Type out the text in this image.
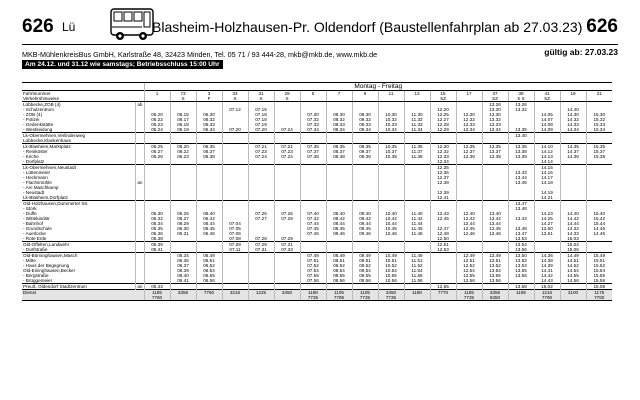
626 Lü	Blasheim-Holzhausen-Pr. Oldendorf (Baustellenfahrplan ab 27.03.23) 626
MKB-MühlenkreisBus GmbH, Karlstraße 48, 32423 Minden, Tel. 05 71 / 93 444-28, mkb@mkb.de, www.mkb.de	gültig ab: 27.03.23
Am 24.12. und 31.12 wie samstags; Betriebsschluss 15:00 Uhr
		Montag - Freitag																	
Fahrtnummer		1	73	3	33	31	29	5	7	9	11	13	15	17	37	39	41	19	21
Verkehrshinweise			S	F	S	S	S						SZ		SZ	S S	SZ		
Lübbecke,ZOB (4)	ab														13.26	13.26			
- Schulzentrum					07.12	07.15							12.20		13.30	13.32		14.40	
- ZOB (4)		05.20	06.15	06.30		07.18		07.30	08.30	09.30	10.30	11.30	12.25	12.30	13.30		14.05	14.30	15.30
- Polizei		05.22	06.17	06.32		07.18		07.32	08.32	09.32	10.32	11.32	12.27	12.32	13.32		14.07	14.32	15.32
- Gedenkstätte		05.23	06.18	06.33		07.19		07.33	08.33	09.33	10.33	11.33	12.28	12.33	13.33		14.08	14.33	15.33
- Westseidung		05.24	06.19	06.34	07.20	07.20	07.24	07.34	08.34	09.34	10.34	11.34	12.29	12.34	13.34	13.35	14.09	14.34	15.34
Lk-Obermehnen,Verlindenweg																13.40			
Lübbecke,Klankenhaus																			
Lk-Blasheim,Marktplatz		05.25	06.20	06.35		07.21	07.21	07.35	08.35	09.35	10.35	11.35	12.30	12.35	13.35	13.36	14.10	14.35	15.35
- Reinköster		05.27	06.22	06.37		07.23	07.23	07.37	08.37	09.37	10.37	11.37	12.32	12.37	13.37	13.38	14.12	14.37	15.37
- Kirche		05.28	06.23	06.38		07.24	07.24	07.38	08.38	09.38	10.38	11.38	12.33	12.38	13.38	13.39	14.13	14.38	15.38
- Dorfplatz													12.34				14.14		
Lk-Obermehnen,Neustadt													12.35				14.15		
- Lüttenmeier													12.36			13.43	14.16		
- Heckmann													12.37			13.44	14.17		
- Flachsmühle	an												12.38			13.45	14.18		
- Am Maschkamp																			
- Neustadt													12.39				14.19		
Lk-Blasheim,Dorfplatz													12.41				14.21		
Old-Holzhausen,Dummerter Str.																13.47			
- Stork																13.48			
- Duffe		05.30	06.25	06.40		07.26	07.26	07.40	08.40	09.40	10.40	11.40	12.43	12.40	13.40		14.23	14.40	15.40
- Wittekindstr		05.32	06.27	06.42		07.27	07.28	07.42	08.42	09.42	10.42	11.42	12.45	12.42	13.42	13.43	14.25	14.42	15.42
- Bahnhof		05.34	06.29	06.44	07.04			07.44	08.44	09.44	10.44	11.44		12.44	13.44		14.27	14.44	15.44
- Grundschule		05.35	06.30	06.45	07.05			07.45	08.45	09.45	10.45	11.45	12.47	12.45	13.45	13.48	13.50	14.32	14.45
- Auerlocke		05.36	06.31	06.46	07.06			07.46	08.46	09.46	10.46	11.46	12.48	12.46	13.46	13.47	13.51	14.33	14.46
- Rote Erde		05.38			07.08	07.28	07.29						12.50			13.53		15.03	
Old-Offelten,Landwehr		05.39			07.09	07.29	07.31						12.51			13.54		15.04	
- Dorfstraße		05.41			07.11	07.31	07.33						12.53			13.56		15.06	
Old-Börninghausen,Masch			06.34	06.49				07.49	08.49	09.49	10.49	11.49		12.49	13.49	13.50	14.36	14.49	15.49
- Mitte			06.36	06.51				07.51	08.51	09.51	10.51	11.51		12.51	13.51	13.52	14.38	14.51	15.51
- Haus der Begegnung			06.37	06.52				07.52	08.52	09.52	10.52	11.52		12.52	13.52	13.53	14.39	14.52	15.52
Old-Eininghausen,Becker			06.39	06.54				07.54	08.54	09.54	10.54	11.54		12.54	13.54	13.55	14.41	14.54	15.54
- Bergstraße			06.40	06.55				07.55	08.55	09.55	10.55	11.55		12.55	13.55	13.56	14.42	14.55	15.55
- Brüggemeier			06.41	06.56				07.56	08.56	09.56	10.56	11.56		12.56	13.56		14.43	14.56	15.56
Preuß. Oldendorf Stadtzentrum	an	05.43											12.55			13.58	15.02		15.08
Dienst		1185	3356	7760	3216	1225	3450	1180	1105	1105	3450	1180	7770	1185	3356	1185	1216	3100	1175
		7760						7735	7785	7735	7735			7735	6350		7790		7760
